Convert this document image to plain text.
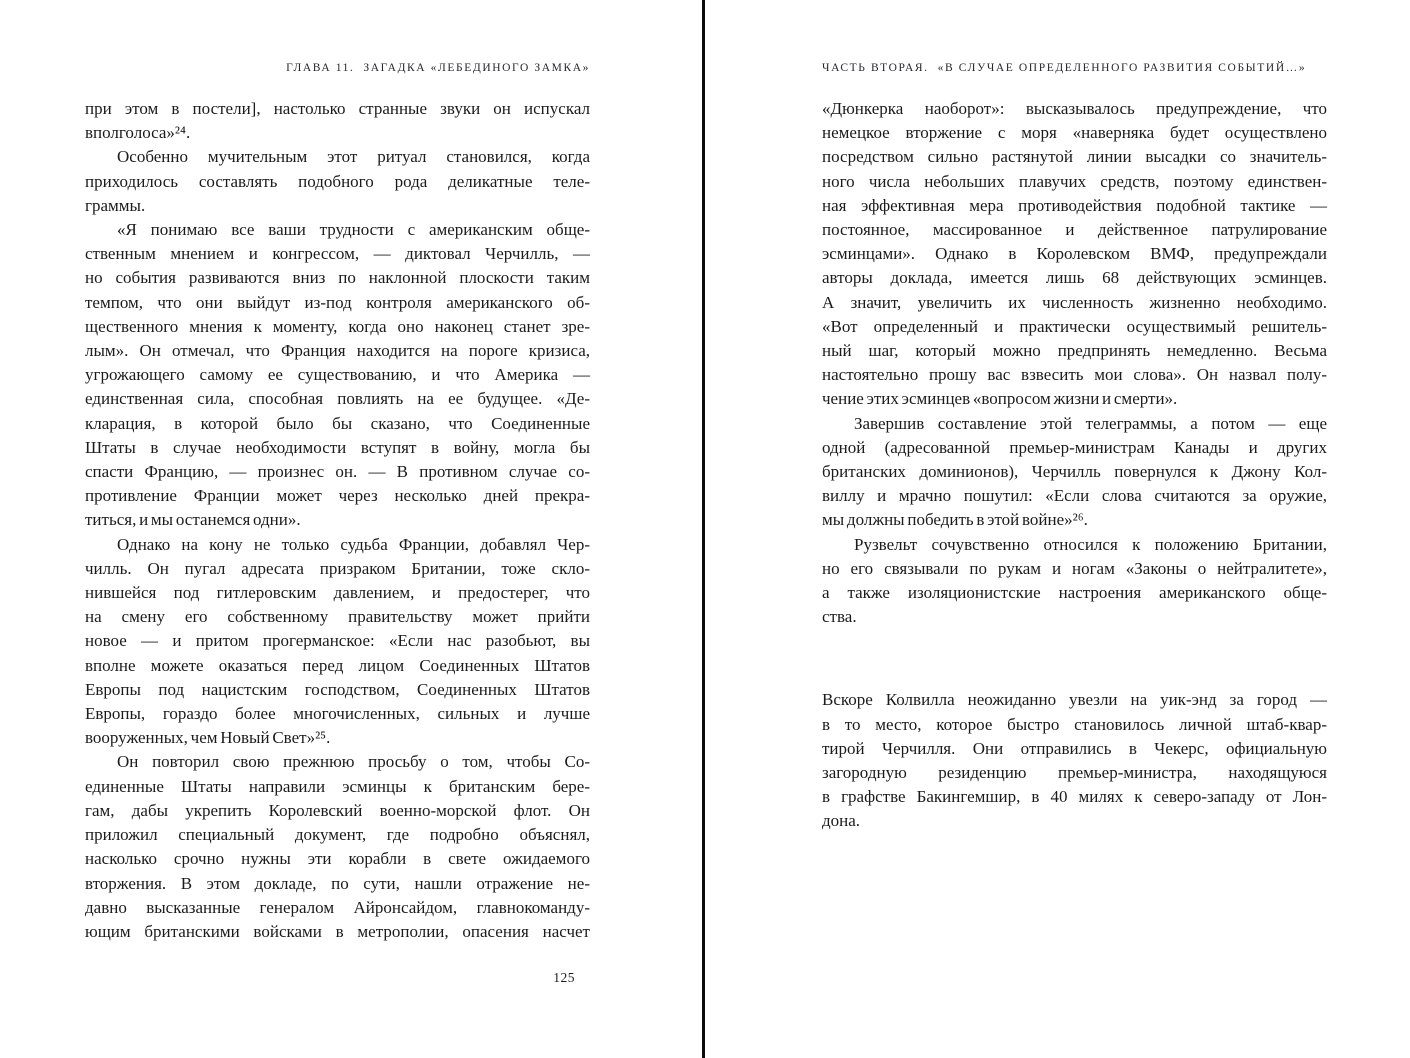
ГЛАВА 11.  ЗАГАДКА «ЛЕБЕДИНОГО ЗАМКА»
при этом в постели], настолько странные звуки он испускал
вполголоса»²⁴.
Особенно мучительным этот ритуал становился, когда
приходилось составлять подобного рода деликатные теле-
граммы.
«Я понимаю все ваши трудности с американским обще-
ственным мнением и конгрессом, — диктовал Черчилль, —
но события развиваются вниз по наклонной плоскости таким
темпом, что они выйдут из-под контроля американского об-
щественного мнения к моменту, когда оно наконец станет зре-
лым». Он отмечал, что Франция находится на пороге кризиса,
угрожающего самому ее существованию, и что Америка —
единственная сила, способная повлиять на ее будущее. «Де-
кларация, в которой было бы сказано, что Соединенные
Штаты в случае необходимости вступят в войну, могла бы
спасти Францию, — произнес он. — В противном случае со-
противление Франции может через несколько дней прекра-
титься, и мы останемся одни».
Однако на кону не только судьба Франции, добавлял Чер-
чилль. Он пугал адресата призраком Британии, тоже скло-
нившейся под гитлеровским давлением, и предостерег, что
на смену его собственному правительству может прийти
новое — и притом прогерманское: «Если нас разобьют, вы
вполне можете оказаться перед лицом Соединенных Штатов
Европы под нацистским господством, Соединенных Штатов
Европы, гораздо более многочисленных, сильных и лучше
вооруженных, чем Новый Свет»²⁵.
Он повторил свою прежнюю просьбу о том, чтобы Со-
единенные Штаты направили эсминцы к британским бере-
гам, дабы укрепить Королевский военно-морской флот. Он
приложил специальный документ, где подробно объяснял,
насколько срочно нужны эти корабли в свете ожидаемого
вторжения. В этом докладе, по сути, нашли отражение не-
давно высказанные генералом Айронсайдом, главнокоманду-
ющим британскими войсками в метрополии, опасения насчет
125
ЧАСТЬ ВТОРАЯ.  «В СЛУЧАЕ ОПРЕДЕЛЕННОГО РАЗВИТИЯ СОБЫТИЙ…»
«Дюнкерка наоборот»: высказывалось предупреждение, что
немецкое вторжение с моря «наверняка будет осуществлено
посредством сильно растянутой линии высадки со значитель-
ного числа небольших плавучих средств, поэтому единствен-
ная эффективная мера противодействия подобной тактике —
постоянное, массированное и действенное патрулирование
эсминцами». Однако в Королевском ВМФ, предупреждали
авторы доклада, имеется лишь 68 действующих эсминцев.
А значит, увеличить их численность жизненно необходимо.
«Вот определенный и практически осуществимый решитель-
ный шаг, который можно предпринять немедленно. Весьма
настоятельно прошу вас взвесить мои слова». Он назвал полу-
чение этих эсминцев «вопросом жизни и смерти».
Завершив составление этой телеграммы, а потом — еще
одной (адресованной премьер-министрам Канады и других
британских доминионов), Черчилль повернулся к Джону Кол-
виллу и мрачно пошутил: «Если слова считаются за оружие,
мы должны победить в этой войне»²⁶.
Рузвельт сочувственно относился к положению Британии,
но его связывали по рукам и ногам «Законы о нейтралитете»,
а также изоляционистские настроения американского обще-
ства.
Вскоре Колвилла неожиданно увезли на уик-энд за город —
в то место, которое быстро становилось личной штаб-квар-
тирой Черчилля. Они отправились в Чекерс, официальную
загородную резиденцию премьер-министра, находящуюся
в графстве Бакингемшир, в 40 милях к северо-западу от Лон-
дона.
